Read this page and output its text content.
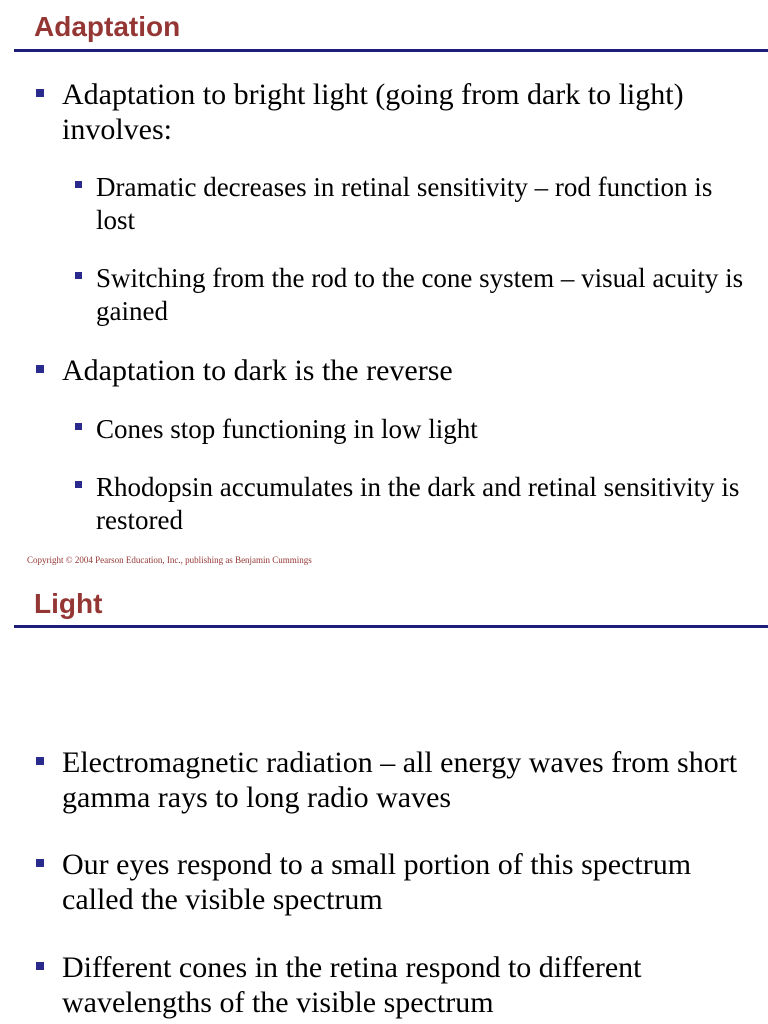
Adaptation
Adaptation to bright light (going from dark to light) involves:
Dramatic decreases in retinal sensitivity – rod function is lost
Switching from the rod to the cone system – visual acuity is gained
Adaptation to dark is the reverse
Cones stop functioning in low light
Rhodopsin accumulates in the dark and retinal sensitivity is restored
Copyright © 2004 Pearson Education, Inc., publishing as Benjamin Cummings
Light
Electromagnetic radiation – all energy waves from short gamma rays to long radio waves
Our eyes respond to a small portion of this spectrum called the visible spectrum
Different cones in the retina respond to different wavelengths of the visible spectrum
